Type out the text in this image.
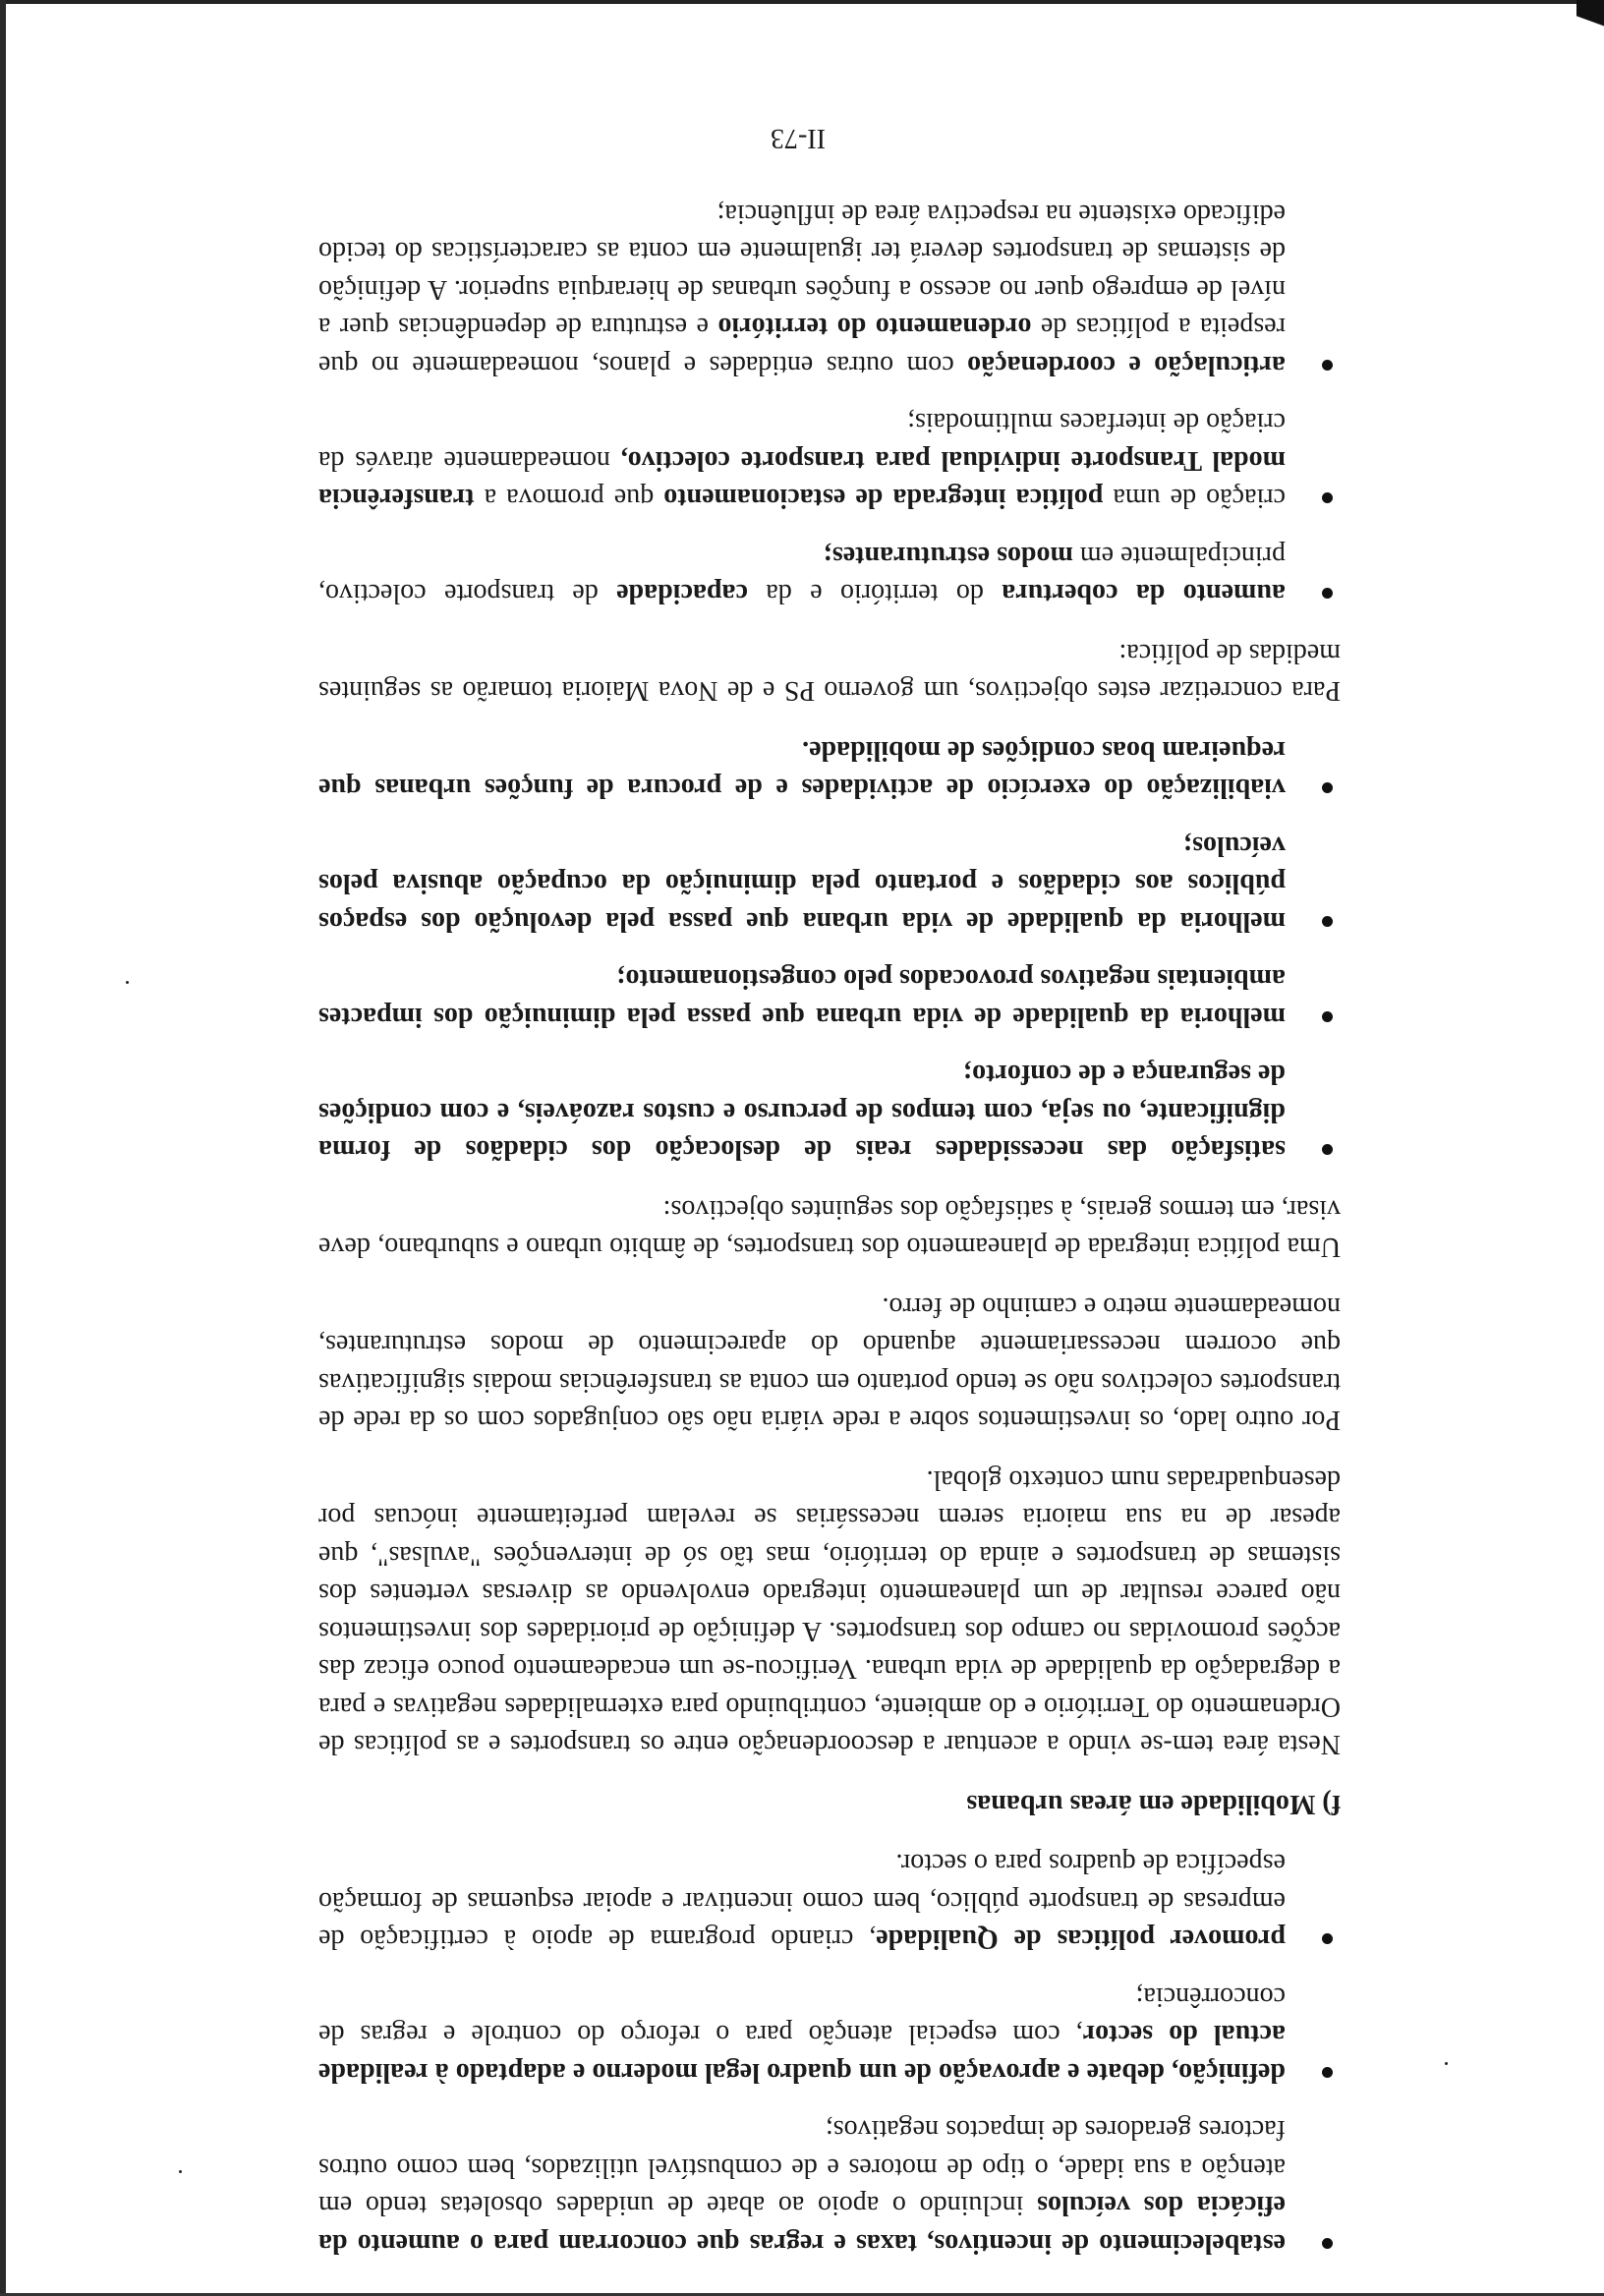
estabelecimento de incentivos, taxas e regras que concorram para o aumento da eficácia dos veículos incluindo o apoio ao abate de unidades obsoletas tendo em atenção a sua idade, o tipo de motores e de combustível utilizados, bem como outros factores geradores de impactos negativos;
definição, debate e aprovação de um quadro legal moderno e adaptado à realidade actual do sector, com especial atenção para o reforço do controle e regras de concorrência;
promover políticas de Qualidade, criando programa de apoio à certificação de empresas de transporte público, bem como incentivar e apoiar esquemas de formação específica de quadros para o sector.
f) Mobilidade em áreas urbanas

Nesta área tem-se vindo a acentuar a descoordenação entre os transportes e as políticas de Ordenamento do Território e do ambiente, contribuindo para externalidades negativas e para a degradação da qualidade de vida urbana. Verificou-se um encadeamento pouco eficaz das acções promovidas no campo dos transportes. A definição de prioridades dos investimentos não parece resultar de um planeamento integrado envolvendo as diversas vertentes dos sistemas de transportes e ainda do território, mas tão só de intervenções "avulsas", que apesar de na sua maioria serem necessárias se revelam perfeitamente inócuas por desenquadradas num contexto global.

Por outro lado, os investimentos sobre a rede viária não são conjugados com os da rede de transportes colectivos não se tendo portanto em conta as transferências modais significativas que ocorrem necessariamente aquando do aparecimento de modos estruturantes, nomeadamente metro e caminho de ferro.

Uma política integrada de planeamento dos transportes, de âmbito urbano e suburbano, deve visar, em termos gerais, à satisfação dos seguintes objectivos:

satisfação das necessidades reais de deslocação dos cidadãos de forma dignificante, ou seja, com tempos de percurso e custos razoáveis, e com condições de segurança e de conforto;
melhoria da qualidade de vida urbana que passa pela diminuição dos impactes ambientais negativos provocados pelo congestionamento;
melhoria da qualidade de vida urbana que passa pela devolução dos espaços públicos aos cidadãos e portanto pela diminuição da ocupação abusiva pelos veículos;
viabilização do exercício de actividades e de procura de funções urbanas que requeiram boas condições de mobilidade.

Para concretizar estes objectivos, um governo PS e de Nova Maioria tomarão as seguintes medidas de política:

aumento da cobertura do território e da capacidade de transporte colectivo, principalmente em modos estruturantes;
criação de uma política integrada de estacionamento que promova a transferência modal Transporte individual para transporte colectivo, nomeadamente através da criação de interfaces multimodais;
articulação e coordenação com outras entidades e planos, nomeadamente no que respeita a políticas de ordenamento do território e estrutura de dependências quer a nível de emprego quer no acesso a funções urbanas de hierarquia superior. A definição de sistemas de transportes deverá ter igualmente em conta as características do tecido edificado existente na respectiva área de influência;
II-73
